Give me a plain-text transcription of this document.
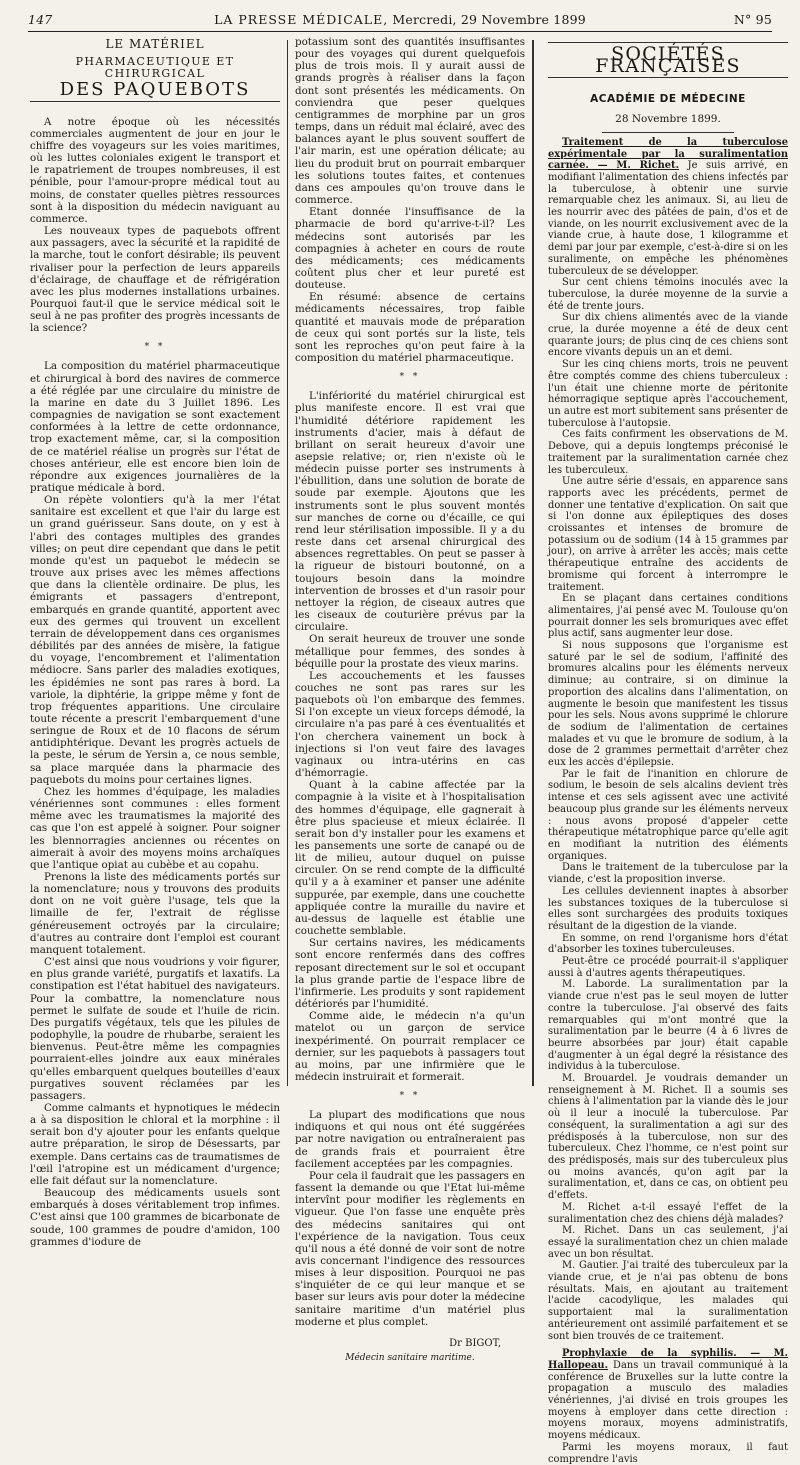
147	LA PRESSE MÉDICALE, Mercredi, 29 Novembre 1899	N° 95
LE MATÉRIEL
PHARMACEUTIQUE ET CHIRURGICAL
DES PAQUEBOTS

A notre époque où les nécessités commerciales augmentent de jour en jour le chiffre des voyageurs sur les voies maritimes, où les luttes coloniales exigent le transport et le rapatriement de troupes nombreuses, il est pénible, pour l'amour-propre médical tout au moins, de constater quelles piètres ressources sont à la disposition du médecin naviguant au commerce.

Les nouveaux types de paquebots offrent aux passagers, avec la sécurité et la rapidité de la marche, tout le confort désirable; ils peuvent rivaliser pour la perfection de leurs appareils d'éclairage, de chauffage et de réfrigération avec les plus modernes installations urbaines. Pourquoi faut-il que le service médical soit le seul à ne pas profiter des progrès incessants de la science?

* *

La composition du matériel pharmaceutique et chirurgical à bord des navires de commerce a été réglée par une circulaire du ministre de la marine en date du 3 Juillet 1896. Les compagnies de navigation se sont exactement conformées à la lettre de cette ordonnance, trop exactement même, car, si la composition de ce matériel réalise un progrès sur l'état de choses antérieur, elle est encore bien loin de répondre aux exigences journalières de la pratique médicale à bord.

On répète volontiers qu'à la mer l'état sanitaire est excellent et que l'air du large est un grand guérisseur. Sans doute, on y est à l'abri des contages multiples des grandes villes; on peut dire cependant que dans le petit monde qu'est un paquebot le médecin se trouve aux prises avec les mêmes affections que dans la clientèle ordinaire. De plus, les émigrants et passagers d'entrepont, embarqués en grande quantité, apportent avec eux des germes qui trouvent un excellent terrain de développement dans ces organismes débilités par des années de misère, la fatigue du voyage, l'encombrement et l'alimentation médiocre. Sans parler des maladies exotiques, les épidémies ne sont pas rares à bord. La variole, la diphtérie, la grippe même y font de trop fréquentes apparitions. Une circulaire toute récente a prescrit l'embarquement d'une seringue de Roux et de 10 flacons de sérum antidiphtérique. Devant les progrès actuels de la peste, le sérum de Yersin a, ce nous semble, sa place marquée dans la pharmacie des paquebots du moins pour certaines lignes.

Chez les hommes d'équipage, les maladies vénériennes sont communes : elles forment même avec les traumatismes la majorité des cas que l'on est appelé à soigner. Pour soigner les blennorragies anciennes ou récentes on aimerait à avoir des moyens moins archaïques que l'antique opiat au cubèbe et au copahu.

Prenons la liste des médicaments portés sur la nomenclature; nous y trouvons des produits dont on ne voit guère l'usage, tels que la limaille de fer, l'extrait de réglisse généreusement octroyés par la circulaire; d'autres au contraire dont l'emploi est courant manquent totalement.

C'est ainsi que nous voudrions y voir figurer, en plus grande variété, purgatifs et laxatifs. La constipation est l'état habituel des navigateurs. Pour la combattre, la nomenclature nous permet le sulfate de soude et l'huile de ricin. Des purgatifs végétaux, tels que les pilules de podophylle, la poudre de rhubarbe, seraient les bienvenus. Peut-être même les compagnies pourraient-elles joindre aux eaux minérales qu'elles embarquent quelques bouteilles d'eaux purgatives souvent réclamées par les passagers.

Comme calmants et hypnotiques le médecin a à sa disposition le chloral et la morphine : il serait bon d'y ajouter pour les enfants quelque autre préparation, le sirop de Désessarts, par exemple. Dans certains cas de traumatismes de l'œil l'atropine est un médicament d'urgence; elle fait défaut sur la nomenclature.

Beaucoup des médicaments usuels sont embarqués à doses véritablement trop infimes. C'est ainsi que 100 grammes de bicarbonate de soude, 100 grammes de poudre d'amidon, 100 grammes d'iodure de

potassium sont des quantités insuffisantes pour des voyages qui durent quelquefois plus de trois mois. Il y aurait aussi de grands progrès à réaliser dans la façon dont sont présentés les médicaments. On conviendra que peser quelques centigrammes de morphine par un gros temps, dans un réduit mal éclairé, avec des balances ayant le plus souvent souffert de l'air marin, est une opération délicate; au lieu du produit brut on pourrait embarquer les solutions toutes faites, et contenues dans ces ampoules qu'on trouve dans le commerce.

Etant donnée l'insuffisance de la pharmacie de bord qu'arrive-t-il? Les médecins sont autorisés par les compagnies à acheter en cours de route des médicaments; ces médicaments coûtent plus cher et leur pureté est douteuse.

En résumé: absence de certains médicaments nécessaires, trop faible quantité et mauvais mode de préparation de ceux qui sont portés sur la liste, tels sont les reproches qu'on peut faire à la composition du matériel pharmaceutique.

* *

L'infériorité du matériel chirurgical est plus manifeste encore. Il est vrai que l'humidité détériore rapidement les instruments d'acier, mais à défaut de brillant on serait heureux d'avoir une asepsie relative; or, rien n'existe où le médecin puisse porter ses instruments à l'ébullition, dans une solution de borate de soude par exemple. Ajoutons que les instruments sont le plus souvent montés sur manches de corne ou d'écaille, ce qui rend leur stérilisation impossible. Il y a du reste dans cet arsenal chirurgical des absences regrettables. On peut se passer à la rigueur de bistouri boutonné, on a toujours besoin dans la moindre intervention de brosses et d'un rasoir pour nettoyer la région, de ciseaux autres que les ciseaux de couturière prévus par la circulaire.

On serait heureux de trouver une sonde métallique pour femmes, des sondes à béquille pour la prostate des vieux marins.

Les accouchements et les fausses couches ne sont pas rares sur les paquebots où l'on embarque des femmes. Si l'on excepte un vieux forceps démodé, la circulaire n'a pas paré à ces éventualités et l'on cherchera vainement un bock à injections si l'on veut faire des lavages vaginaux ou intra-utérins en cas d'hémorragie.

Quant à la cabine affectée par la compagnie à la visite et à l'hospitalisation des hommes d'équipage, elle gagnerait à être plus spacieuse et mieux éclairée. Il serait bon d'y installer pour les examens et les pansements une sorte de canapé ou de lit de milieu, autour duquel on puisse circuler. On se rend compte de la difficulté qu'il y a à examiner et panser une adénite suppurée, par exemple, dans une couchette appliquée contre la muraille du navire et au-dessus de laquelle est établie une couchette semblable.

Sur certains navires, les médicaments sont encore renfermés dans des coffres reposant directement sur le sol et occupant la plus grande partie de l'espace libre de l'infirmerie. Les produits y sont rapidement détériorés par l'humidité.

Comme aide, le médecin n'a qu'un matelot ou un garçon de service inexpérimenté. On pourrait remplacer ce dernier, sur les paquebots à passagers tout au moins, par une infirmière que le médecin instruirait et formerait.

* *

La plupart des modifications que nous indiquons et qui nous ont été suggérées par notre navigation ou entraîneraient pas de grands frais et pourraient être facilement acceptées par les compagnies.

Pour cela il faudrait que les passagers en fassent la demande ou que l'Etat lui-même intervînt pour modifier les règlements en vigueur. Que l'on fasse une enquête près des médecins sanitaires qui ont l'expérience de la navigation. Tous ceux qu'il nous a été donné de voir sont de notre avis concernant l'indigence des ressources mises à leur disposition. Pourquoi ne pas s'inquiéter de ce qui leur manque et se baser sur leurs avis pour doter la médecine sanitaire maritime d'un matériel plus moderne et plus complet.

Dr BIGOT,
Médecin sanitaire maritime.
SOCIÉTÉS FRANÇAISES
ACADÉMIE DE MÉDECINE
28 Novembre 1899.

Traitement de la tuberculose expérimentale par la suralimentation carnée. — M. Richet. Je suis arrivé, en modifiant l'alimentation des chiens infectés par la tuberculose, à obtenir une survie remarquable chez les animaux. Si, au lieu de les nourrir avec des pâtées de pain, d'os et de viande, on les nourrit exclusivement avec de la viande crue, à haute dose, 1 kilogramme et demi par jour par exemple, c'est-à-dire si on les suralimente, on empêche les phénomènes tuberculeux de se développer.

Sur cent chiens témoins inoculés avec la tuberculose, la durée moyenne de la survie a été de trente jours.

Sur dix chiens alimentés avec de la viande crue, la durée moyenne a été de deux cent quarante jours; de plus cinq de ces chiens sont encore vivants depuis un an et demi.

Sur les cinq chiens morts, trois ne peuvent être comptés comme des chiens tuberculeux : l'un était une chienne morte de péritonite hémorragique septique après l'accouchement, un autre est mort subitement sans présenter de tuberculose à l'autopsie.

Ces faits confirment les observations de M. Debove, qui a depuis longtemps préconisé le traitement par la suralimentation carnée chez les tuberculeux.

Une autre série d'essais, en apparence sans rapports avec les précédents, permet de donner une tentative d'explication. On sait que si l'on donne aux épileptiques des doses croissantes et intenses de bromure de potassium ou de sodium (14 à 15 grammes par jour), on arrive à arrêter les accès; mais cette thérapeutique entraîne des accidents de bromisme qui forcent à interrompre le traitement.

En se plaçant dans certaines conditions alimentaires, j'ai pensé avec M. Toulouse qu'on pourrait donner les sels bromuriques avec effet plus actif, sans augmenter leur dose.

Si nous supposons que l'organisme est saturé par le sel de sodium, l'affinité des bromures alcalins pour les éléments nerveux diminue; au contraire, si on diminue la proportion des alcalins dans l'alimentation, on augmente le besoin que manifestent les tissus pour les sels. Nous avons supprimé le chlorure de sodium de l'alimentation de certaines malades et vu que le bromure de sodium, à la dose de 2 grammes permettait d'arrêter chez eux les accès d'épilepsie.

Par le fait de l'inanition en chlorure de sodium, le besoin de sels alcalins devient très intense et ces sels agissent avec une activité beaucoup plus grande sur les éléments nerveux : nous avons proposé d'appeler cette thérapeutique métatrophique parce qu'elle agit en modifiant la nutrition des éléments organiques.

Dans le traitement de la tuberculose par la viande, c'est la proposition inverse.

Les cellules deviennent inaptes à absorber les substances toxiques de la tuberculose si elles sont surchargées des produits toxiques résultant de la digestion de la viande.

En somme, on rend l'organisme hors d'état d'absorber les toxines tuberculeuses.

Peut-être ce procédé pourrait-il s'appliquer aussi à d'autres agents thérapeutiques.

M. Laborde. La suralimentation par la viande crue n'est pas le seul moyen de lutter contre la tuberculose. J'ai observé des faits remarquables qui m'ont montré que la suralimentation par le beurre (4 à 6 livres de beurre absorbées par jour) était capable d'augmenter à un égal degré la résistance des individus à la tuberculose.

M. Brouardel. Je voudrais demander un renseignement à M. Richet. Il a soumis ses chiens à l'alimentation par la viande dès le jour où il leur a inoculé la tuberculose. Par conséquent, la suralimentation a agi sur des prédisposés à la tuberculose, non sur des tuberculeux. Chez l'homme, ce n'est point sur des prédisposés, mais sur des tuberculeux plus ou moins avancés, qu'on agit par la suralimentation, et, dans ce cas, on obtient peu d'effets.

M. Richet a-t-il essayé l'effet de la suralimentation chez des chiens déjà malades?

M. Richet. Dans un cas seulement, j'ai essayé la suralimentation chez un chien malade avec un bon résultat.

M. Gautier. J'ai traité des tuberculeux par la viande crue, et je n'ai pas obtenu de bons résultats. Mais, en ajoutant au traitement l'acide cacodylique, les malades qui supportaient mal la suralimentation antérieurement ont assimilé parfaitement et se sont bien trouvés de ce traitement.

Prophylaxie de la syphilis. — M. Hallopeau. Dans un travail communiqué à la conférence de Bruxelles sur la lutte contre la propagation a musculo des maladies vénériennes, j'ai divisé en trois groupes les moyens à employer dans cette direction : moyens moraux, moyens administratifs, moyens médicaux.

Parmi les moyens moraux, il faut comprendre l'avis
